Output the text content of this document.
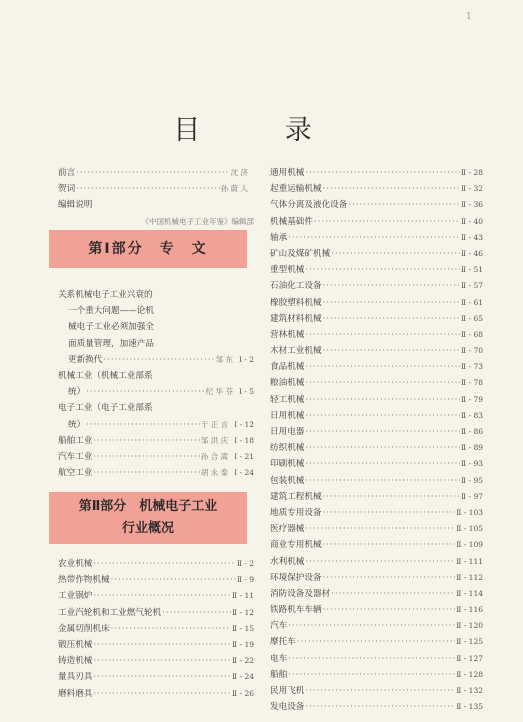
1
目 录
前言 ·····	沈 济
贺词 ·····	孙 蔚 人
编辑说明
《中国机械电子工业年鉴》编辑部
第Ⅰ部分　专　文
关系机械电子工业兴衰的
一个重大问题——论机
械电子工业必须加强全
面质量管理，加速产品
更新换代 ·····	邹 东 Ⅰ - 2
机械工业（机械工业部系
统） ·····	纪 华 芬 Ⅰ - 5
电子工业（电子工业部系
统） ·····	于 正 言 Ⅰ - 12
船舶工业 ·····	邹 洪 庆 Ⅰ - 18
汽车工业 ·····	孙 合 嵩 Ⅰ - 21
航空工业 ·····	胡 永 泰 Ⅰ - 24
第Ⅱ部分　机械电子工业
行业概况
农业机械 ·····	Ⅱ - 2
热带作物机械 ·····	Ⅱ - 9
工业锅炉 ·····	Ⅱ - 11
工业汽轮机和工业燃气轮机 ·····	Ⅱ - 12
金属切削机床 ·····	Ⅱ - 15
锻压机械 ·····	Ⅱ - 19
铸造机械 ·····	Ⅱ - 22
量具刃具 ·····	Ⅱ - 24
磨料磨具 ·····	Ⅱ - 26
通用机械 ·····	Ⅱ - 28
起重运输机械 ·····	Ⅱ - 32
气体分离及液化设备 ·····	Ⅱ - 36
机械基础件 ·····	Ⅱ - 40
轴承 ·····	Ⅱ - 43
矿山及煤矿机械 ·····	Ⅱ - 46
重型机械 ·····	Ⅱ - 51
石油化工设备 ·····	Ⅱ - 57
橡胶塑料机械 ·····	Ⅱ - 61
建筑材料机械 ·····	Ⅱ - 65
营林机械 ·····	Ⅱ - 68
木材工业机械 ·····	Ⅱ - 70
食品机械 ·····	Ⅱ - 73
粮油机械 ·····	Ⅱ - 78
轻工机械 ·····	Ⅱ - 79
日用机械 ·····	Ⅱ - 83
日用电器 ·····	Ⅱ - 86
纺织机械 ·····	Ⅱ - 89
印刷机械 ·····	Ⅱ - 93
包装机械 ·····	Ⅱ - 95
建筑工程机械 ·····	Ⅱ - 97
地质专用设备 ·····	Ⅱ - 103
医疗器械 ·····	Ⅱ - 105
商业专用机械 ·····	Ⅱ - 109
水利机械 ·····	Ⅱ - 111
环境保护设备 ·····	Ⅱ - 112
消防设备及器材 ·····	Ⅱ - 114
铁路机车车辆 ·····	Ⅱ - 116
汽车 ·····	Ⅱ - 120
摩托车 ·····	Ⅱ - 125
电车 ·····	Ⅱ - 127
船舶 ·····	Ⅱ - 128
民用飞机 ·····	Ⅱ - 132
发电设备 ·····	Ⅱ - 135
